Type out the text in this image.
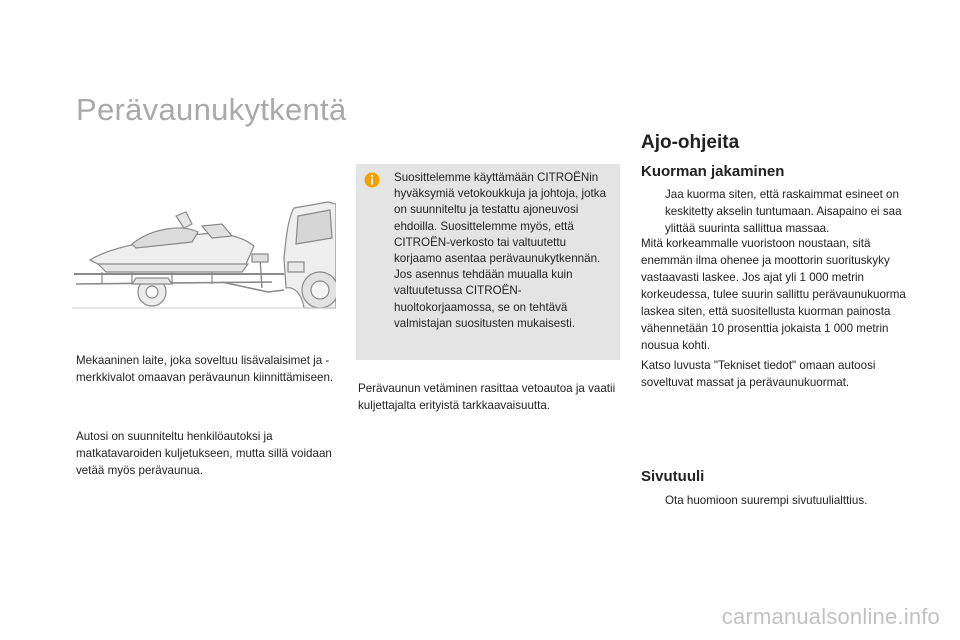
Perävaunukytkentä

Mekaaninen laite, joka soveltuu lisävalaisimet ja -merkkivalot omaavan perävaunun kiinnittämiseen.

Autosi on suunniteltu henkilöautoksi ja matkatavaroiden kuljetukseen, mutta sillä voidaan vetää myös perävaunua.

Suosittelemme käyttämään CITROËNin hyväksymiä vetokoukkuja ja johtoja, jotka on suunniteltu ja testattu ajoneuvosi ehdoilla. Suosittelemme myös, että CITROËN-verkosto tai valtuutettu korjaamo asentaa perävaunukytkennän. Jos asennus tehdään muualla kuin valtuutetussa CITROËN-huoltokorjaamossa, se on tehtävä valmistajan suositusten mukaisesti.

Perävaunun vetäminen rasittaa vetoautoa ja vaatii kuljettajalta erityistä tarkkaavaisuutta.

Ajo-ohjeita
Kuorman jakaminen
Jaa kuorma siten, että raskaimmat esineet on keskitetty akselin tuntumaan. Aisapaino ei saa ylittää suurinta sallittua massaa.

Mitä korkeammalle vuoristoon noustaan, sitä enemmän ilma ohenee ja moottorin suorituskyky vastaavasti laskee. Jos ajat yli 1 000 metrin korkeudessa, tulee suurin sallittu perävaunukuorma laskea siten, että suositellusta kuorman painosta vähennetään 10 prosenttia jokaista 1 000 metrin nousua kohti.

Katso luvusta "Tekniset tiedot" omaan autoosi soveltuvat massat ja perävaunukuormat.

Sivutuuli
Ota huomioon suurempi sivutuulialttius.
carmanualsonline.info
